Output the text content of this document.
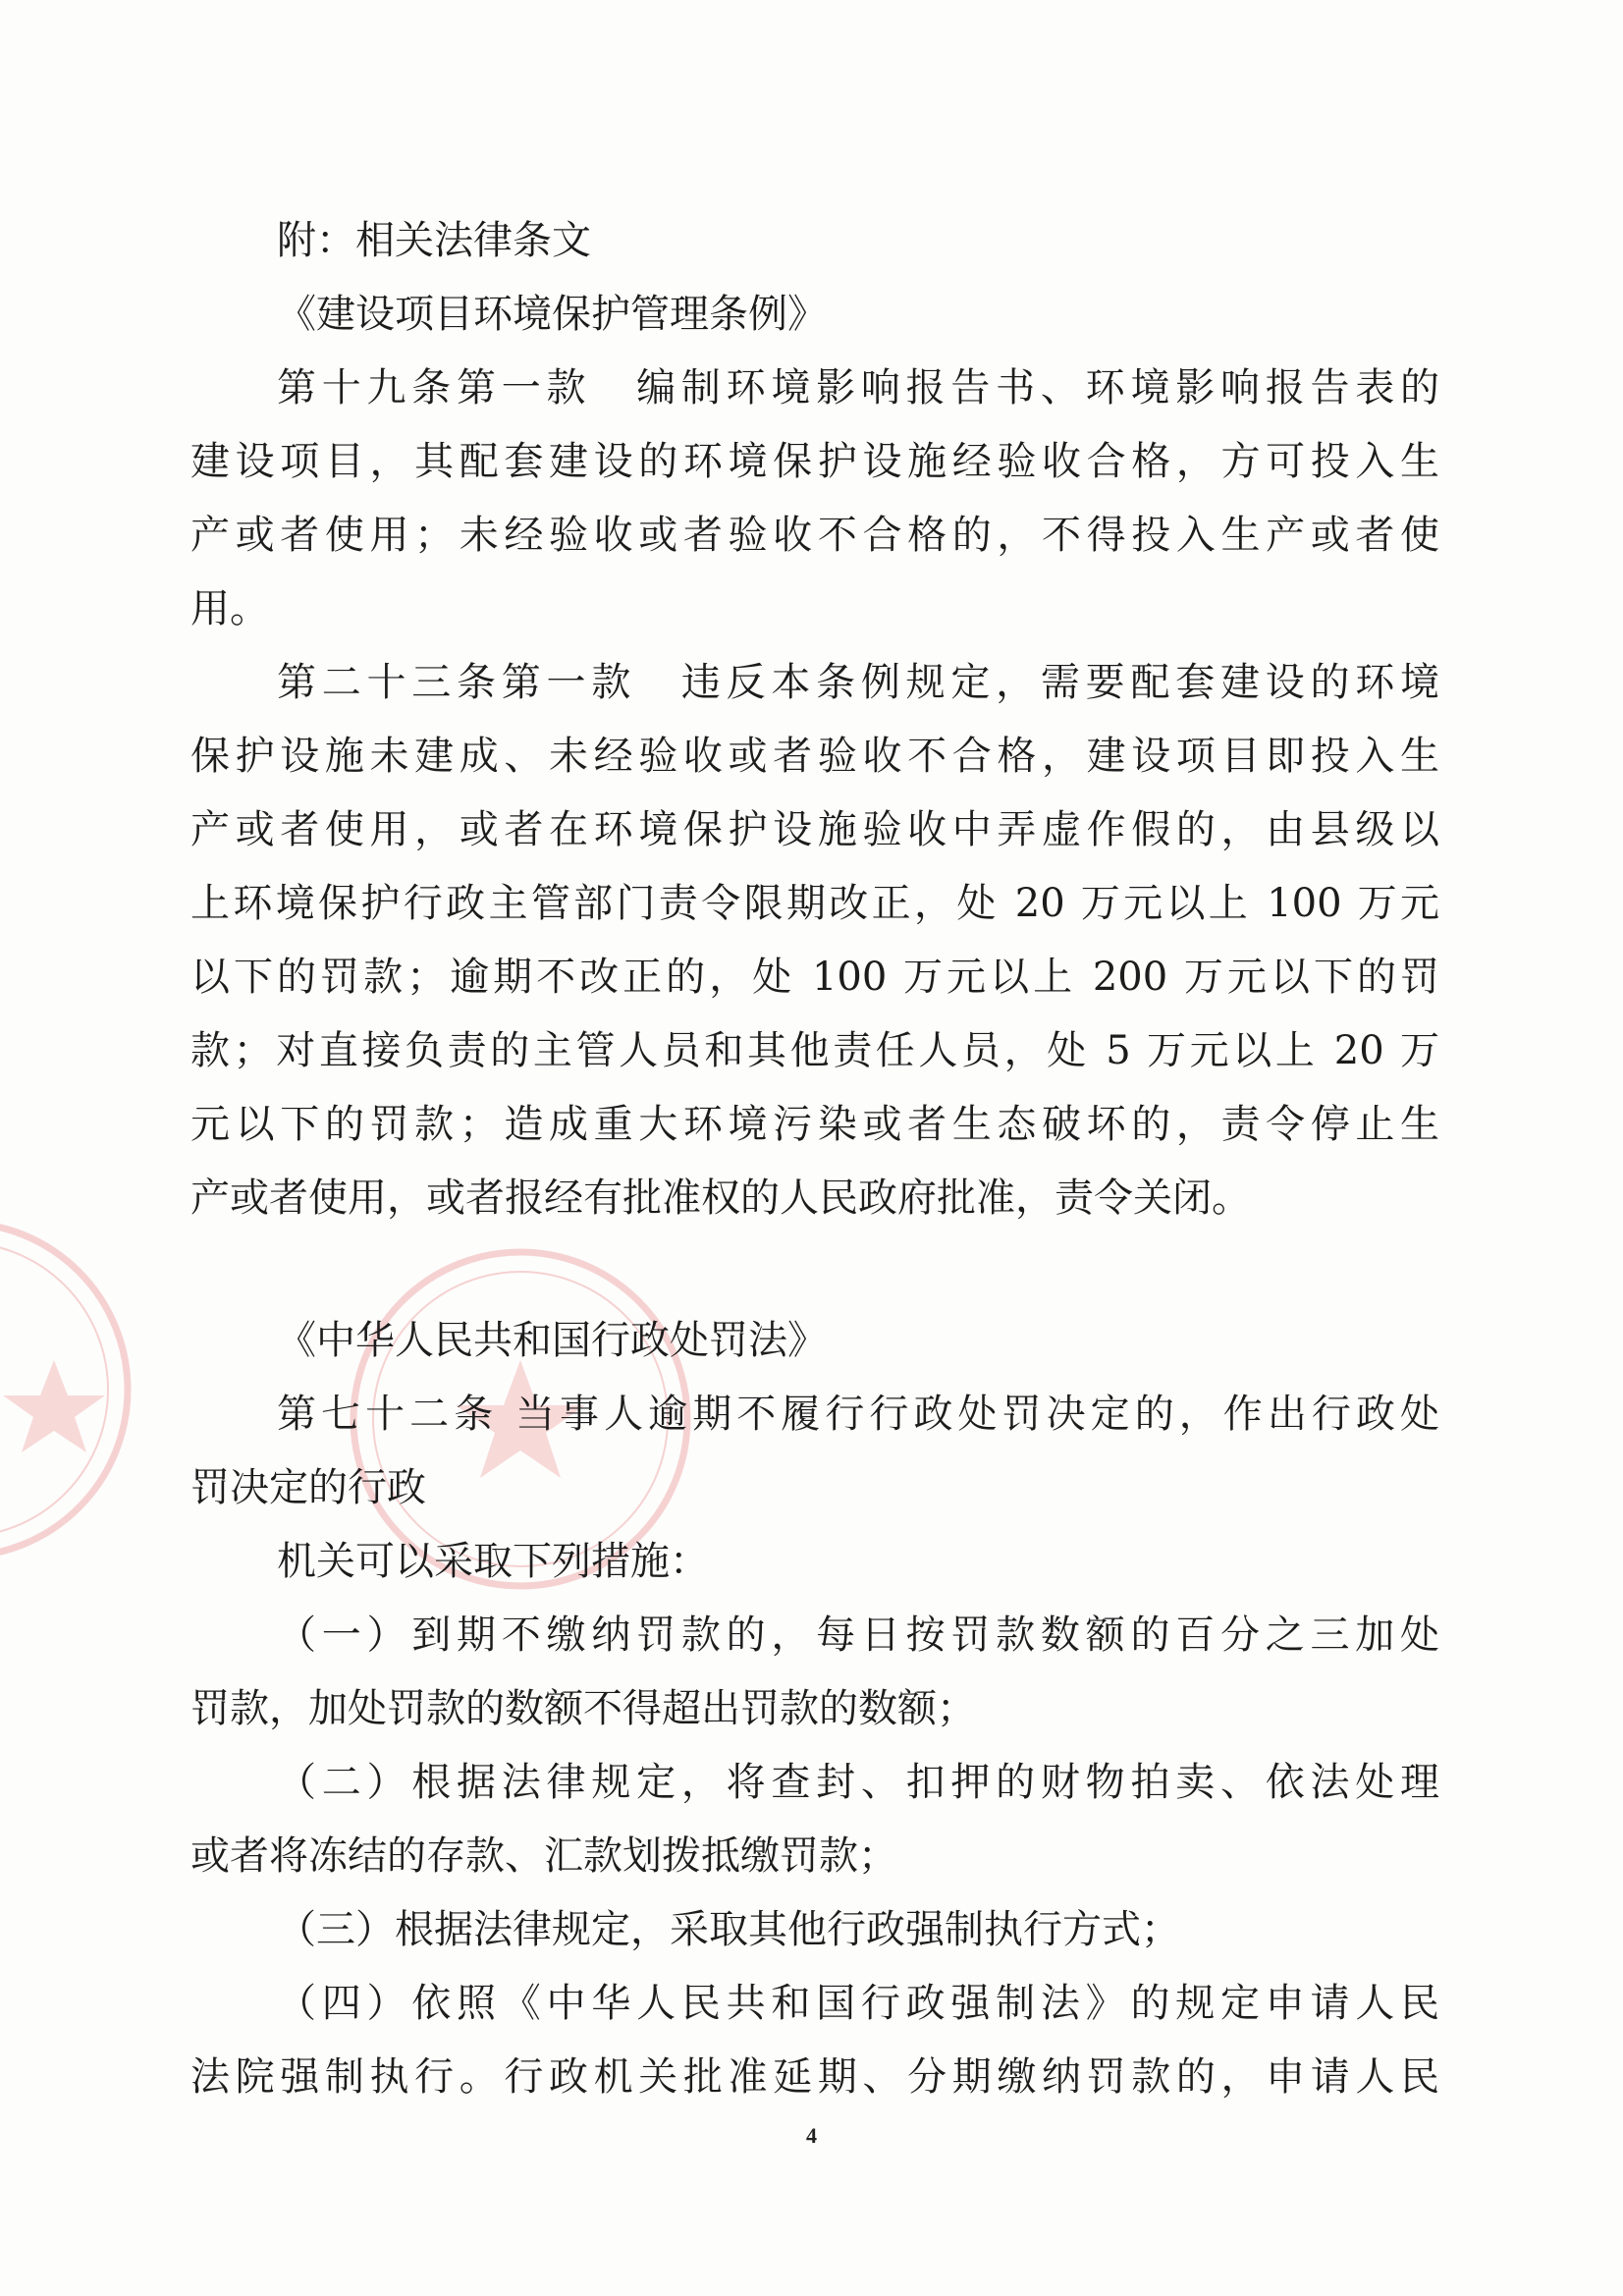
附：相关法律条文
《建设项目环境保护管理条例》
第十九条第一款　编制环境影响报告书、环境影响报告表的
建设项目，其配套建设的环境保护设施经验收合格，方可投入生
产或者使用；未经验收或者验收不合格的，不得投入生产或者使
用。
第二十三条第一款　违反本条例规定，需要配套建设的环境
保护设施未建成、未经验收或者验收不合格，建设项目即投入生
产或者使用，或者在环境保护设施验收中弄虚作假的，由县级以
上环境保护行政主管部门责令限期改正，处 20 万元以上 100 万元
以下的罚款；逾期不改正的，处 100 万元以上 200 万元以下的罚
款；对直接负责的主管人员和其他责任人员，处 5 万元以上 20 万
元以下的罚款；造成重大环境污染或者生态破坏的，责令停止生
产或者使用，或者报经有批准权的人民政府批准，责令关闭。
《中华人民共和国行政处罚法》
第七十二条 当事人逾期不履行行政处罚决定的，作出行政处
罚决定的行政
机关可以采取下列措施：
（一）到期不缴纳罚款的，每日按罚款数额的百分之三加处
罚款，加处罚款的数额不得超出罚款的数额；
（二）根据法律规定，将查封、扣押的财物拍卖、依法处理
或者将冻结的存款、汇款划拨抵缴罚款；
（三）根据法律规定，采取其他行政强制执行方式；
（四）依照《中华人民共和国行政强制法》的规定申请人民
法院强制执行。行政机关批准延期、分期缴纳罚款的，申请人民
4
